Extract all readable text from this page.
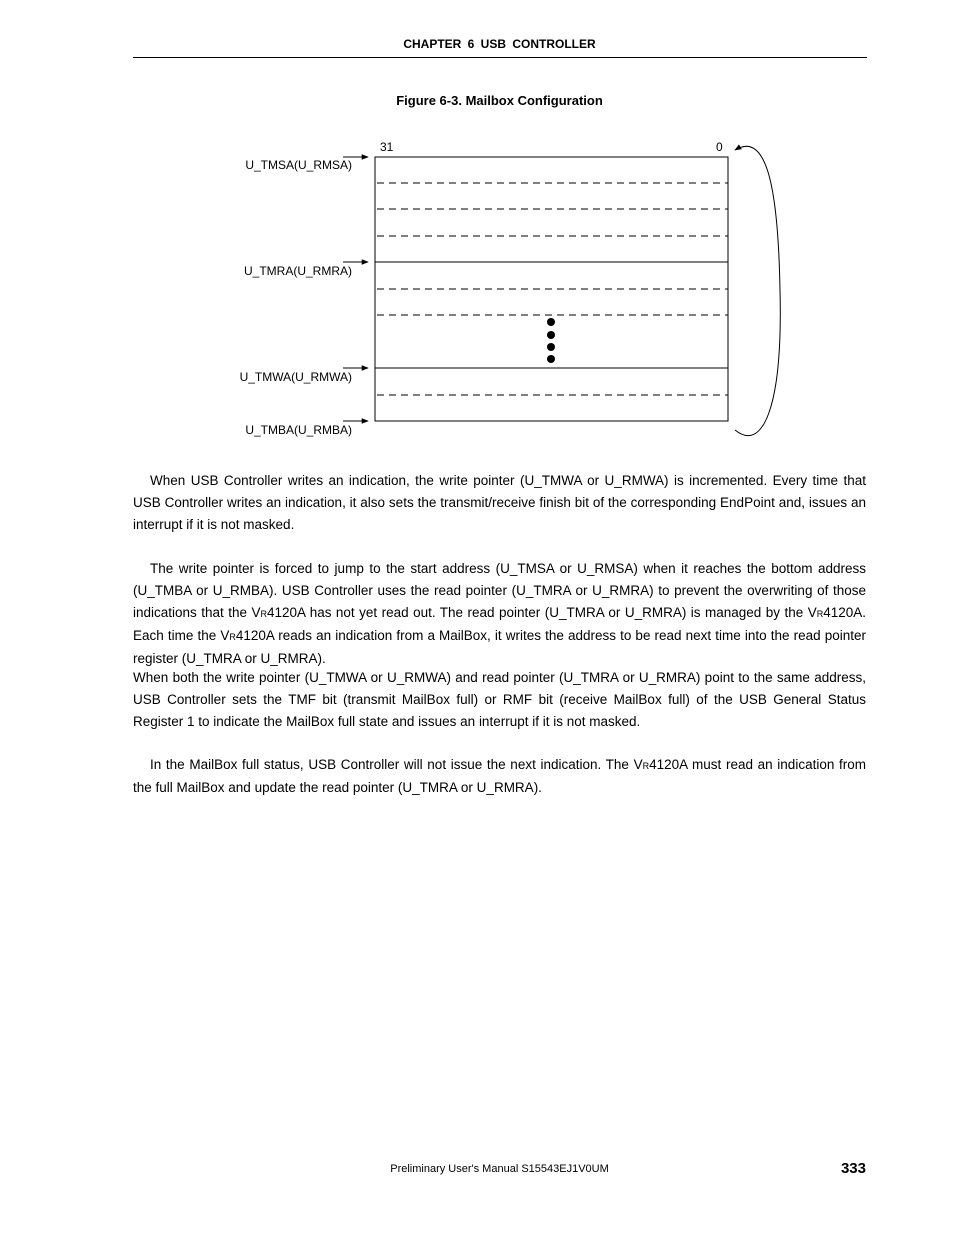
CHAPTER 6 USB CONTROLLER
Figure 6-3. Mailbox Configuration
31	0
U_TMSA(U_RMSA)
U_TMRA(U_RMRA)
U_TMWA(U_RMWA)
U_TMBA(U_RMBA)
When USB Controller writes an indication, the write pointer (U_TMWA or U_RMWA) is incremented. Every time that USB Controller writes an indication, it also sets the transmit/receive finish bit of the corresponding EndPoint and, issues an interrupt if it is not masked.
The write pointer is forced to jump to the start address (U_TMSA or U_RMSA) when it reaches the bottom address (U_TMBA or U_RMBA). USB Controller uses the read pointer (U_TMRA or U_RMRA) to prevent the overwriting of those indications that the VR4120A has not yet read out. The read pointer (U_TMRA or U_RMRA) is managed by the VR4120A. Each time the VR4120A reads an indication from a MailBox, it writes the address to be read next time into the read pointer register (U_TMRA or U_RMRA).
When both the write pointer (U_TMWA or U_RMWA) and read pointer (U_TMRA or U_RMRA) point to the same address, USB Controller sets the TMF bit (transmit MailBox full) or RMF bit (receive MailBox full) of the USB General Status Register 1 to indicate the MailBox full state and issues an interrupt if it is not masked.
In the MailBox full status, USB Controller will not issue the next indication. The VR4120A must read an indication from the full MailBox and update the read pointer (U_TMRA or U_RMRA).
Preliminary User's Manual S15543EJ1V0UM	333
